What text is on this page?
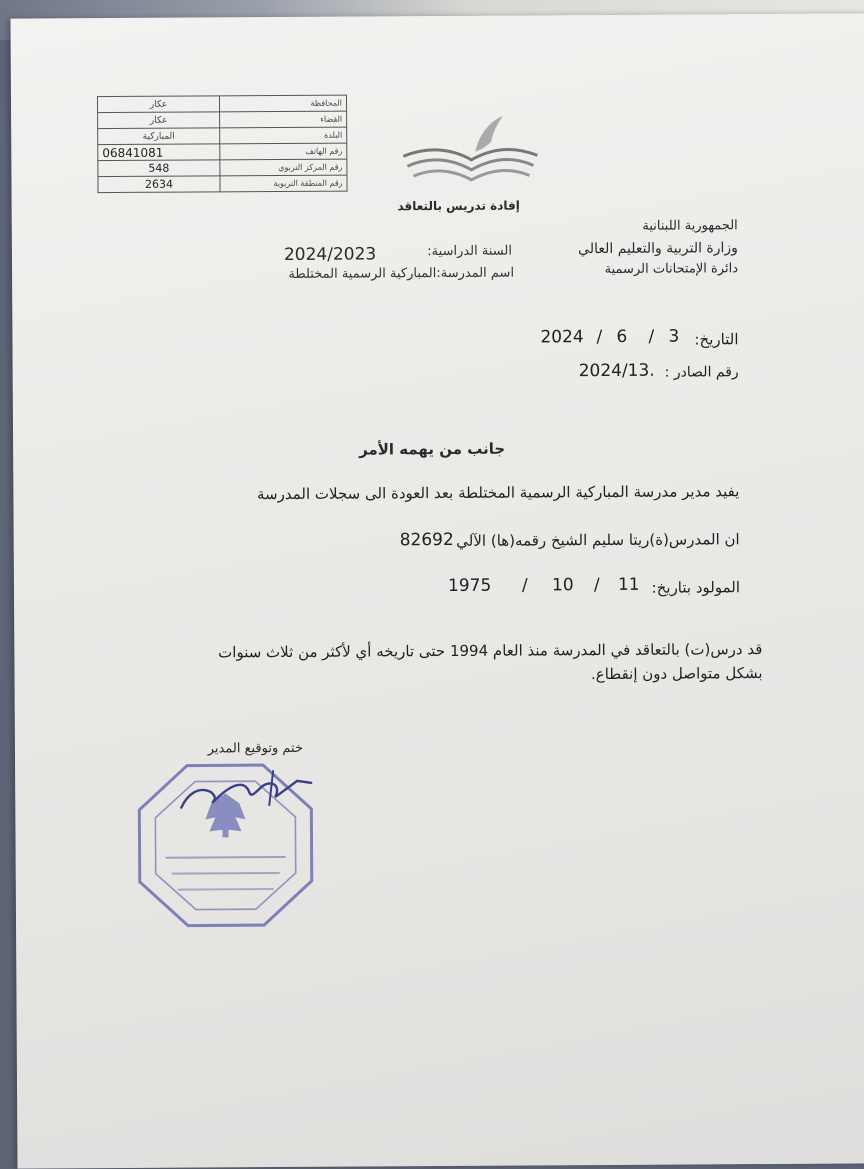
عكار	المحافظة
عكار	القضاء
المباركية	البلدة
06841081	رقم الهاتف
548	رقم المركز التربوي
2634	رقم المنطقة التربوية
إفادة تدريس بالتعاقد
الجمهورية اللبنانية
وزارة التربية والتعليم العالي
دائرة الإمتحانات الرسمية
السنة الدراسية:
2024/2023
اسم المدرسة:المباركية الرسمية المختلطة
التاريخ:
3
/
6
/
2024
رقم الصادر :
2024/13.
جانب من يهمه الأمر
يفيد مدير مدرسة المباركية الرسمية المختلطة بعد العودة الى سجلات المدرسة
ان المدرس(ة)ريتا سليم الشيخ رقمه(ها) الآلي
82692
المولود بتاريخ:
11
/
10
/
1975
قد درس(ت) بالتعاقد في المدرسة منذ العام 1994 حتى تاريخه أي لأكثر من ثلاث سنوات
بشكل متواصل دون إنقطاع.
ختم وتوقيع المدير
